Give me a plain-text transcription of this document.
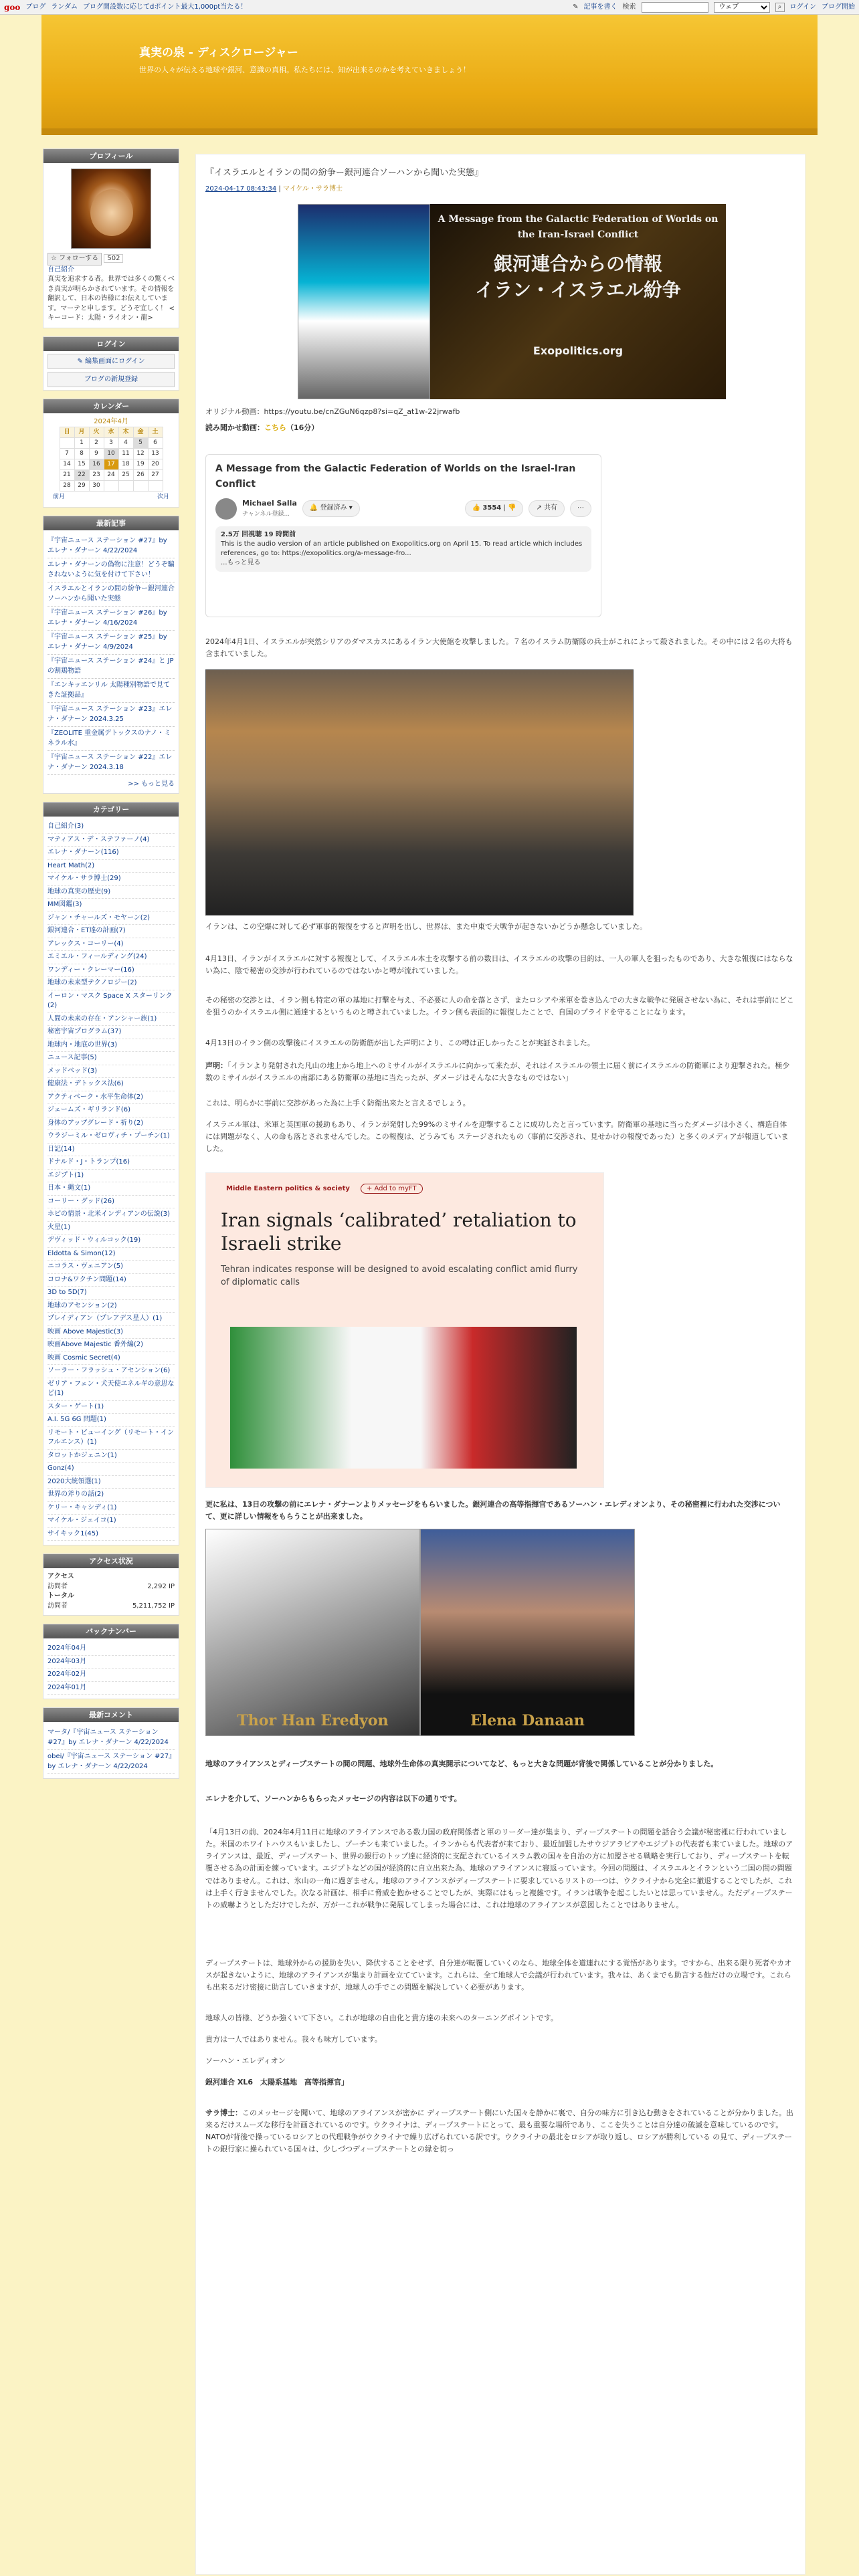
goo ブログ ランダム ブログ開設数に応じてdポイント最大1,000pt当たる！	✎ 記事を書く 検索
ウェブ	⌕	ログイン ブログ開始
真実の泉 - ディスクロージャー
世界の人々が伝える地球や銀河、意識の真相。私たちには、知が出来るのかを考えていきましょう！
プロフィール
☆ フォローする 502
自己紹介
真実を追求する者。世界では多くの驚くべき真実が明らかされています。その情報を翻訳して、日本の皆様にお伝えしています。マーテと申します。どうぞ宜しく！ <キーコード：太陽・ライオン・龍>
ログイン
✎ 編集画面にログイン
ブログの新規登録
カレンダー
2024年4月
日	月	火	水	木	金	土
	1	2	3	4	5	6
7	8	9	10	11	12	13
14	15	16	17	18	19	20
21	22	23	24	25	26	27
28	29	30				
前月	次月
最新記事
『宇宙ニュース ステーション #27』by エレナ・ダナーン 4/22/2024
エレナ・ダナーンの偽物に注意！どうぞ騙されないように気を付けて下さい！
イスラエルとイランの間の紛争ー銀河連合ソーハンから聞いた実態
『宇宙ニュース ステーション #26』by エレナ・ダナーン 4/16/2024
『宇宙ニュース ステーション #25』by エレナ・ダナーン 4/9/2024
『宇宙ニュース ステーション #24』と JP の割鶏物語
『エンキッエンリル 太陽種別物語で見てきた証拠品』
『宇宙ニュース ステーション #23』エレナ・ダナーン 2024.3.25
『ZEOLITE 重金属デトックスのナノ・ミネラル水』
『宇宙ニュース ステーション #22』エレナ・ダナーン 2024.3.18
>> もっと見る
カテゴリー
自己紹介(3)
マティアス・デ・ステファーノ(4)
エレナ・ダナーン(116)
Heart Math(2)
マイケル・サラ博士(29)
地球の真実の歴史(9)
MM図鑑(3)
ジャン・チャールズ・モヤーン(2)
銀河連合・ET達の計画(7)
アレックス・コーリー(4)
エミエル・フィールディング(24)
ワンディー・クレーマー(16)
地球の未来型テクノロジー(2)
イーロン・マスク Space X スターリンク(2)
人間の未来の存在・アンシャー族(1)
秘密宇宙プログラム(37)
地球内・地底の世界(3)
ニュース記事(5)
メッドベッド(3)
健康法・デトックス法(6)
アクティベーク・水平生命体(2)
ジェームズ・ギリランド(6)
身体のアップグレード・祈り(2)
ウラジーミル・ゼロヴィチ・プーチン(1)
日記(14)
ドナルド・J・トランプ(16)
エジプト(1)
日本・縄文(1)
コーリー・グッド(26)
ホピの情景・北米インディアンの伝説(3)
火星(1)
デヴィッド・ウィルコック(19)
Eldotta & Simon(12)
ニコラス・ヴェニアン(5)
コロナ&ワクチン問題(14)
3D to 5D(7)
地球のアセンション(2)
プレイディアン（プレアデス星人）(1)
映画 Above Majestic(3)
映画Above Majestic 番外編(2)
映画 Cosmic Secret(4)
ソーラー・フラッシュ・アセンション(6)
ゼリア・フェン・犬天使エネルギの意思など(1)
スター・ゲート(1)
A.I. 5G 6G 問題(1)
リモート・ビューイング（リモート・インフルエンス）(1)
タロットかジェニン(1)
Gonz(4)
2020大統領選(1)
世界の斧りの話(2)
ケリー・キャシディ(1)
マイケル・ジェイコ(1)
サイキック1(45)
アクセス状況
アクセス
訪問者	2,292 IP
トータル
訪問者	5,211,752 IP
バックナンバー
2024年04月
2024年03月
2024年02月
2024年01月
最新コメント
マータ/『宇宙ニュース ステーション #27』by エレナ・ダナーン 4/22/2024
obei/『宇宙ニュース ステーション #27』by エレナ・ダナーン 4/22/2024
『イスラエルとイランの間の紛争ー銀河連合ソーハンから聞いた実態』
2024-04-17 08:43:34 | マイケル・サラ博士
A Message from the Galactic Federation of Worlds on the Iran-Israel Conflict
銀河連合からの情報
イラン・イスラエル紛争
Exopolitics.org
オリジナル動画：https://youtu.be/cnZGuN6qzp8?si=qZ_at1w-22jrwafb
読み聞かせ動画：こちら（16分）
A Message from the Galactic Federation of Worlds on the Israel-Iran Conflict
Michael Salla
チャンネル登録...
🔔 登録済み ▾	👍 3554 | 👎	↗ 共有	⋯
2.5万 回視聴 19 時間前
This is the audio version of an article published on Exopolitics.org on April 15. To read article which includes references, go to: https://exopolitics.org/a-message-fro...
...もっと見る
2024年4月1日、イスラエルが突然シリアのダマスカスにあるイラン大使館を攻撃しました。７名のイスラム防衛隊の兵士がこれによって殺されました。その中には２名の大将も含まれていました。
イランは、この空爆に対して必ず軍事的報復をすると声明を出し、世界は、また中東で大戦争が起きないかどうか懸念していました。
4月13日、イランがイスラエルに対する報復として、イスラエル本土を攻撃する前の数日は、イスラエルの攻撃の目的は、一人の軍人を狙ったものであり、大きな報復にはならない為に、陰で秘密の交渉が行われているのではないかと噂が流れていました。
その秘密の交渉とは、イラン側も特定の軍の基地に打撃を与え、不必要に人の命を落とさず、またロシアや米軍を巻き込んでの大きな戦争に発展させない為に、それは事前にどこを狙うのかイスラエル側に通達するというものと噂されていました。イラン側も表面的に報復したことで、自国のプライドを守ることになります。
4月13日のイラン側の攻撃後にイスラエルの防衛筋が出した声明により、この噂は正しかったことが実証されました。
声明：「イランより発射された凡山の地上から地上へのミサイルがイスラエルに向かって来たが、それはイスラエルの領土に届く前にイスラエルの防衛軍により迎撃された。極少数のミサイルがイスラエルの南部にある防衛軍の基地に当たったが、ダメージはそんなに大きなものではない」
これは、明らかに事前に交渉があった為に上手く防衛出来たと言えるでしょう。
イスラエル軍は、米軍と英国軍の援助もあり、イランが発射した99%のミサイルを迎撃することに成功したと言っています。防衛軍の基地に当ったダメージは小さく、構造自体には問題がなく、人の命も落とされませんでした。この報復は、どうみても ステージされたもの（事前に交渉され、見せかけの報復であった）と多くのメディアが報道していました。
Middle Eastern politics & society	+ Add to myFT
Iran signals ‘calibrated’ retaliation to Israeli strike

Tehran indicates response will be designed to avoid escalating conflict amid flurry of diplomatic calls

更に私は、13日の攻撃の前にエレナ・ダナーンよりメッセージをもらいました。銀河連合の高等指揮官であるソーハン・エレディオンより、その秘密裡に行われた交渉について、更に詳しい情報をもらうことが出来ました。
Thor Han Eredyon	Elena Danaan
地球のアライアンスとディープステートの間の問題、地球外生命体の真実開示についてなど、もっと大きな問題が背後で関係していることが分かりました。
エレナを介して、ソーハンからもらったメッセージの内容は以下の通りです。
「4月13日の前、2024年4月11日に地球のアライアンスである数力国の政府関係者と軍のリーダー達が集まり、ディープステートの問題を話合う会議が秘密裡に行われていました。米国のホワイトハウスもいましたし、プーチンも来ていました。イランからも代表者が来ており、最近加盟したサウジアラビアやエジプトの代表者も来ていました。地球のアライアンスは、最近、ディープステート、世界の銀行のトップ達に経済的に支配されているイスラム教の国々を自治の方に加盟させる戦略を実行しており、ディープステートを転覆させる為の計画を練っています。エジプトなどの国が経済的に自立出来た為、地球のアライアンスに寝返っています。今回の問題は、イスラエルとイランという二国の間の問題ではありません。これは、氷山の一角に過ぎません。地球のアライアンスがディープステートに要求しているリストの一つは、ウクライナから完全に撤退することでしたが、これは上手く行きませんでした。次なる計画は、相手に脅威を抱かせることでしたが、実際にはもっと複雑です。イランは戦争を起こしたいとは思っていません。ただディープステートの威嚇ようとしただけでしたが、万が一これが戦争に発展してしまった場合には、これは地球のアライアンスが意図したことではありません。
ディープステートは、地球外からの援助を失い、降伏することをせず、自分達が転覆していくのなら、地球全体を道連れにする覚悟があります。ですから、出来る限り死者やカオスが起きないように、地球のアライアンスが集まり計画を立てています。これらは、全て地球人で会議が行われています。我々は、あくまでも助言する他だけの立場です。これらも出来るだけ密接に助言していきますが、地球人の手でこの問題を解決していく必要があります。
地球人の皆様、どうか強くいて下さい。これが地球の自由化と貴方達の未来へのターニングポイントです。
貴方は一人ではありません。我々も味方しています。
ソーハン・エレディオン
銀河連合 XL6　太陽系基地　高等指揮官」
サラ博士：このメッセージを聞いて、地球のアライアンスが密かに ディープステート側にいた国々を静かに裏で、自分の味方に引き込む動きをされていることが分かりました。出来るだけスムーズな移行を計画されているのです。ウクライナは、ディープステートにとって、最も重要な場所であり、ここを失うことは自分達の破滅を意味しているのです。NATOが背後で操っているロシアとの代理戦争がウクライナで繰り広げられている訳です。ウクライナの最北をロシアが取り返し、ロシアが勝利している の見て、ディープステートの銀行家に操られている国々は、少しづつディープステートとの縁を切っ
